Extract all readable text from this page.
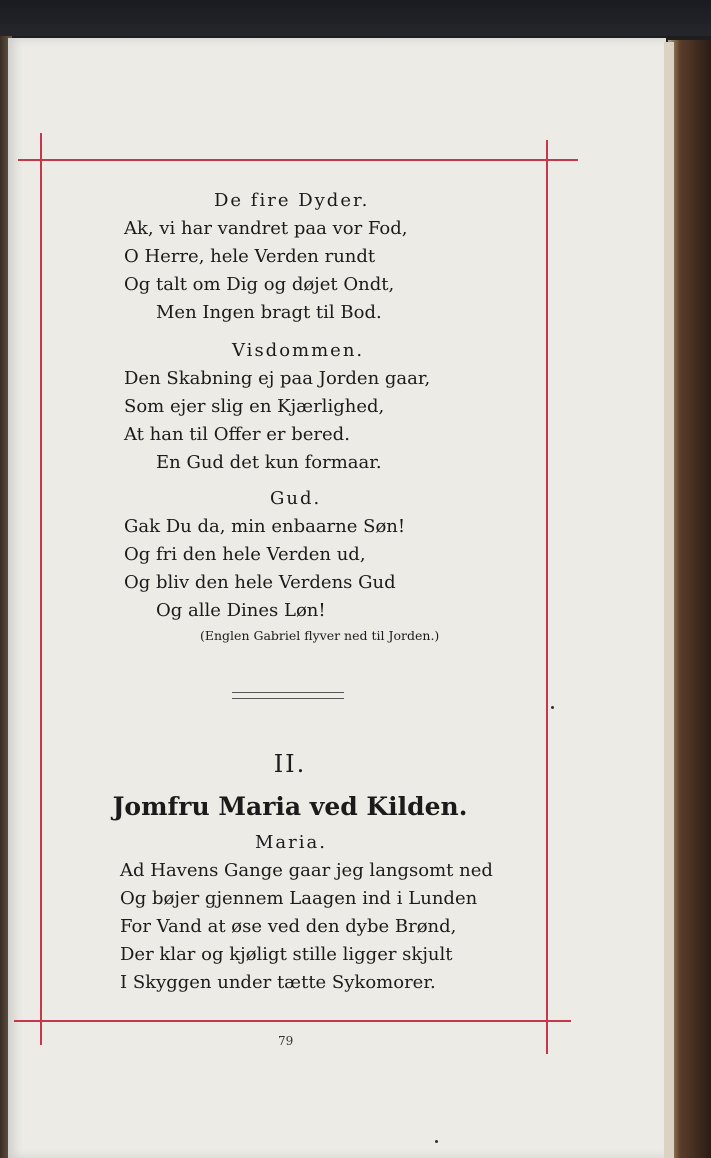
De fire Dyder.
Ak, vi har vandret paa vor Fod,
O Herre, hele Verden rundt
Og talt om Dig og døjet Ondt,
Men Ingen bragt til Bod.
Visdommen.
Den Skabning ej paa Jorden gaar,
Som ejer slig en Kjærlighed,
At han til Offer er bered.
En Gud det kun formaar.
Gud.
Gak Du da, min enbaarne Søn!
Og fri den hele Verden ud,
Og bliv den hele Verdens Gud
Og alle Dines Løn!
(Englen Gabriel flyver ned til Jorden.)
II.
Jomfru Maria ved Kilden.
Maria.
Ad Havens Gange gaar jeg langsomt ned
Og bøjer gjennem Laagen ind i Lunden
For Vand at øse ved den dybe Brønd,
Der klar og kjøligt stille ligger skjult
I Skyggen under tætte Sykomorer.
79
